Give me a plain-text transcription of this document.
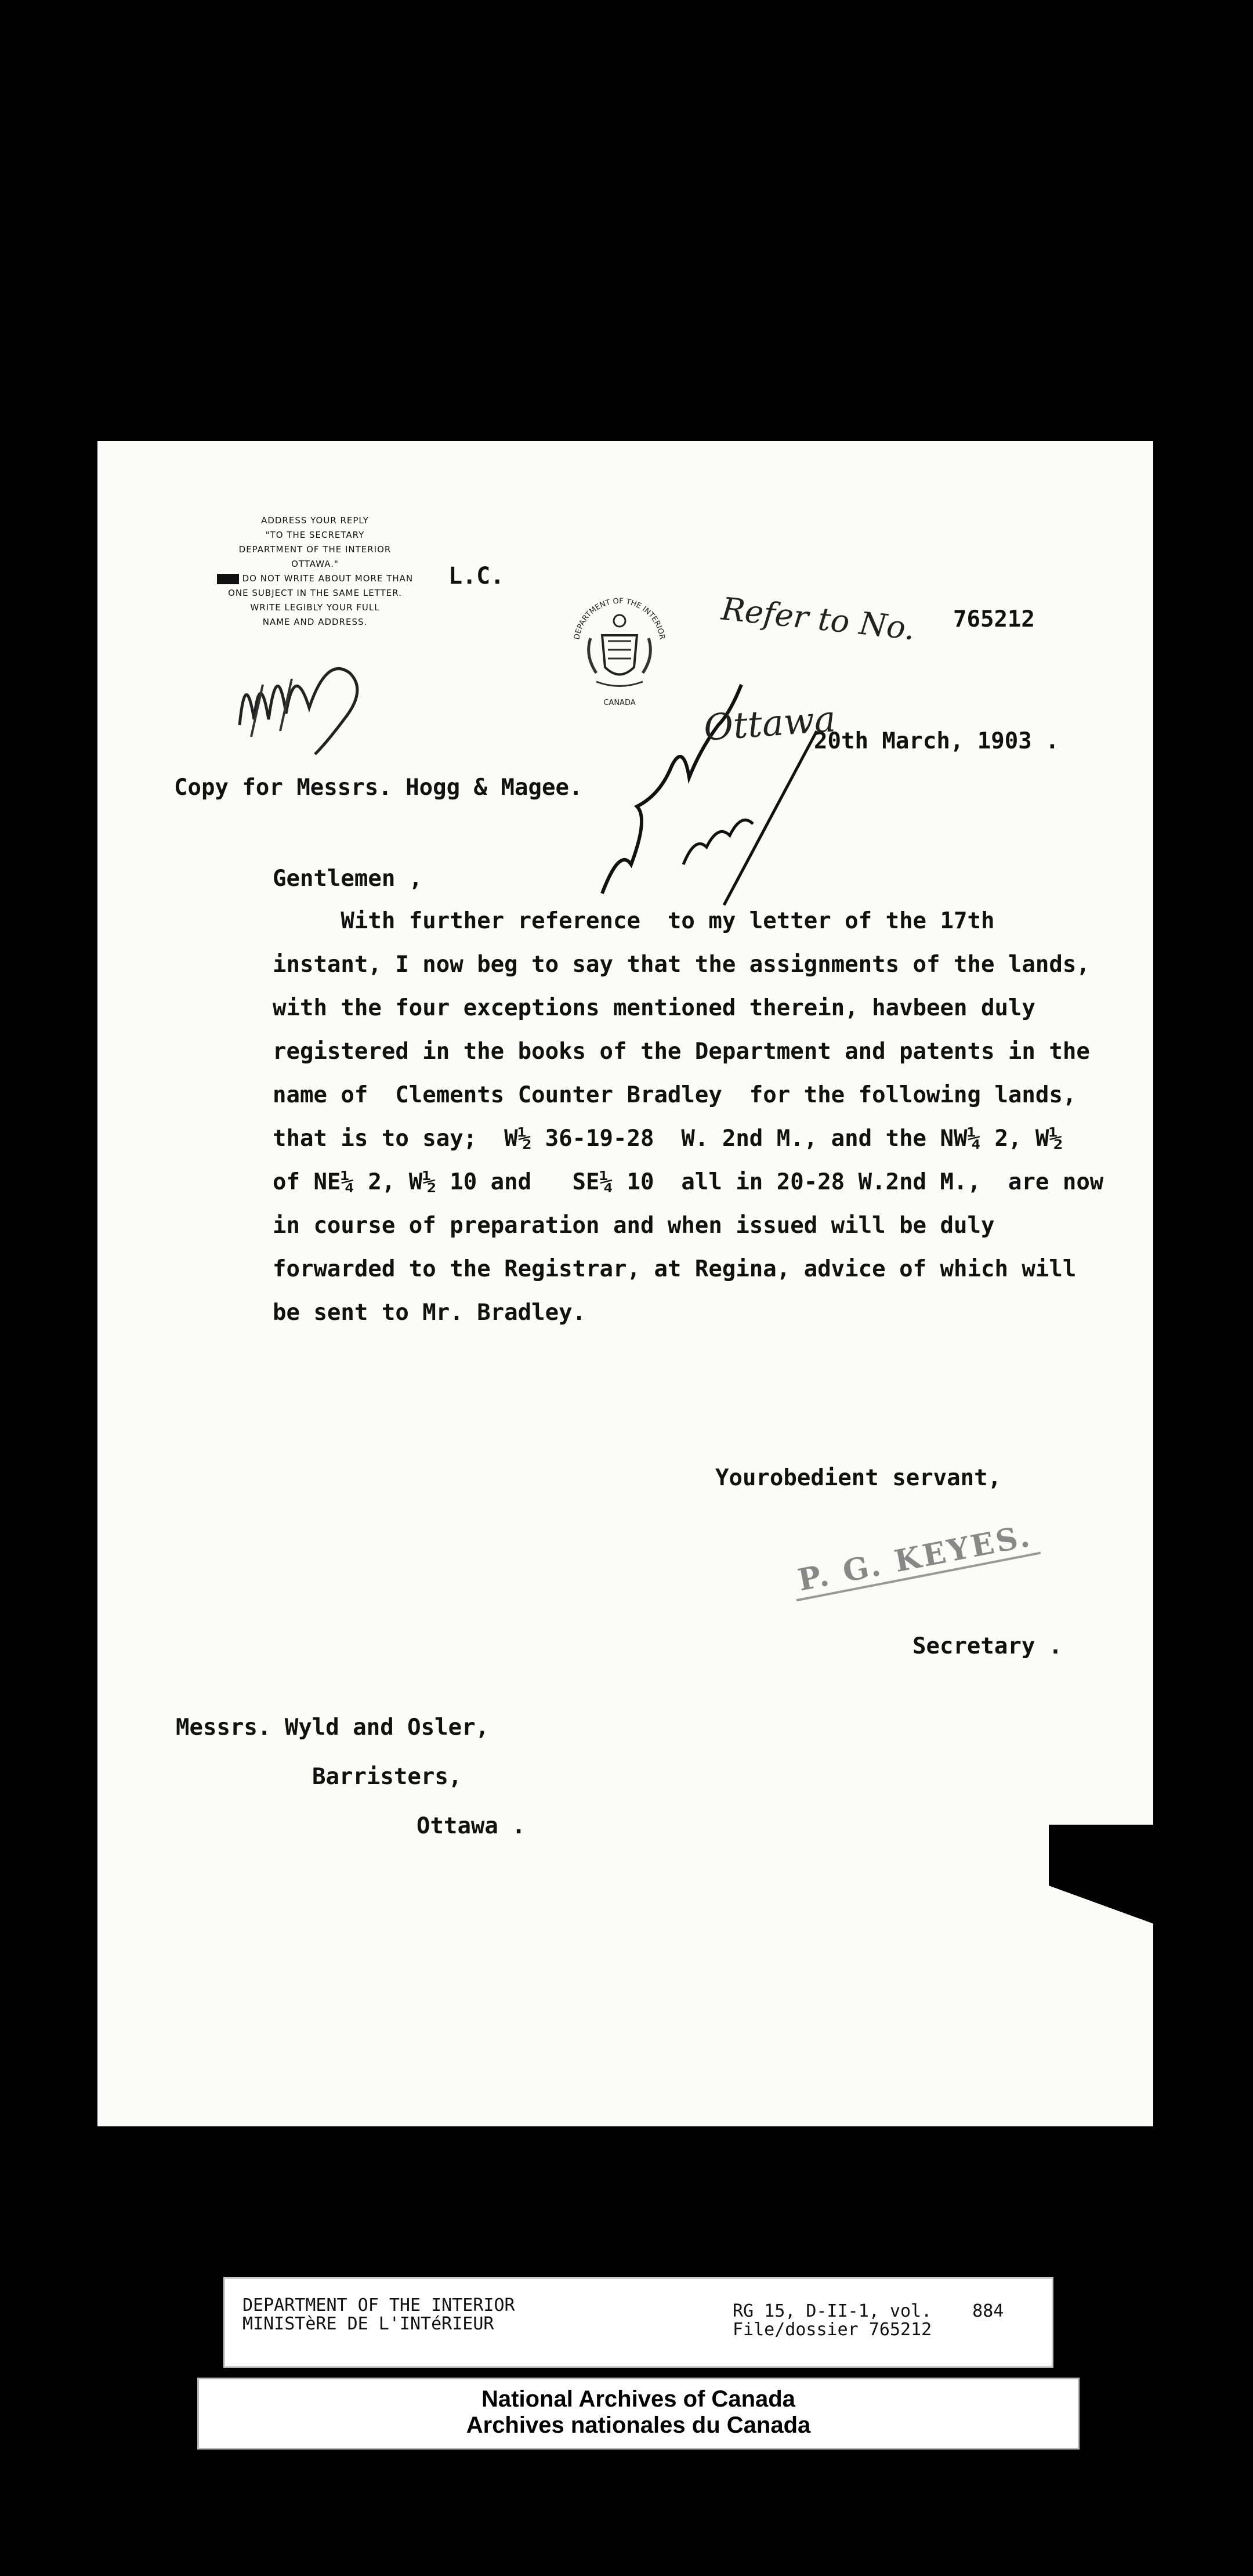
ADDRESS YOUR REPLY
"TO THE SECRETARY
DEPARTMENT OF THE INTERIOR
OTTAWA."
DO NOT WRITE ABOUT MORE THAN
ONE SUBJECT IN THE SAME LETTER.
WRITE LEGIBLY YOUR FULL
NAME AND ADDRESS.
L.C.
DEPARTMENT OF THE INTERIOR
CANADA
Refer to No. 765212
Ottawa
20th March, 1903 .
Copy for Messrs. Hogg & Magee.
Gentlemen ,

With further reference  to my letter of the 17th

instant, I now beg to say that the assignments of the lands,

with the four exceptions mentioned therein, havbeen duly

registered in the books of the Department and patents in the

name of  Clements Counter Bradley  for the following lands,

that is to say;  W½ 36-19-28  W. 2nd M., and the NW¼ 2, W½

of NE¼ 2, W½ 10 and   SE¼ 10  all in 20-28 W.2nd M.,  are now

in course of preparation and when issued will be duly

forwarded to the Registrar, at Regina, advice of which will

be sent to Mr. Bradley.

Yourobedient servant,
P. G. KEYES.
Secretary .
Messrs. Wyld and Osler,
Barristers,
Ottawa .
DEPARTMENT OF THE INTERIOR
MINISTèRE DE L'INTéRIEUR
RG 15, D-II-1, vol. 884
File/dossier 765212
National Archives of Canada
Archives nationales du Canada
